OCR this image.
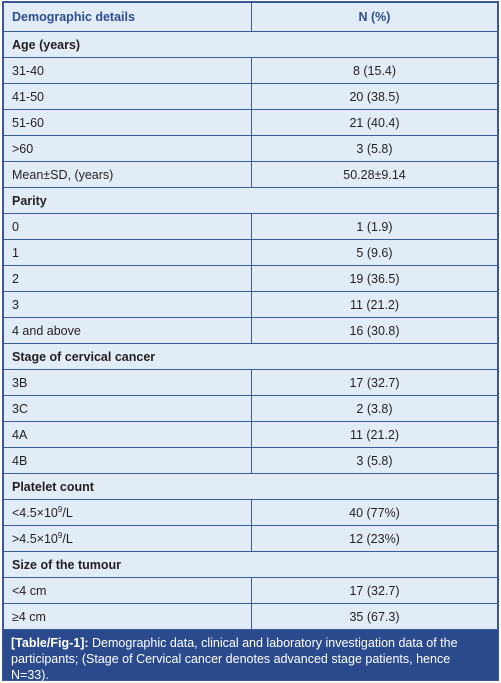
Demographic details	N (%)
Age (years)	
31-40	8 (15.4)
41-50	20 (38.5)
51-60	21 (40.4)
>60	3 (5.8)
Mean±SD, (years)	50.28±9.14
Parity	
0	1 (1.9)
1	5 (9.6)
2	19 (36.5)
3	11 (21.2)
4 and above	16 (30.8)
Stage of cervical cancer	
3B	17 (32.7)
3C	2 (3.8)
4A	11 (21.2)
4B	3 (5.8)
Platelet count	
$<4.5\times 10^9/L$	40 (77%)
$>4.5\times 10^9/L$	12 (23%)
Size of the tumour	
<4 cm	17 (32.7)
≥4 cm	35 (67.3)
[Table/Fig-1]: Demographic data, clinical and laboratory investigation data of the participants; (Stage of Cervical cancer denotes advanced stage patients, hence N=33).
